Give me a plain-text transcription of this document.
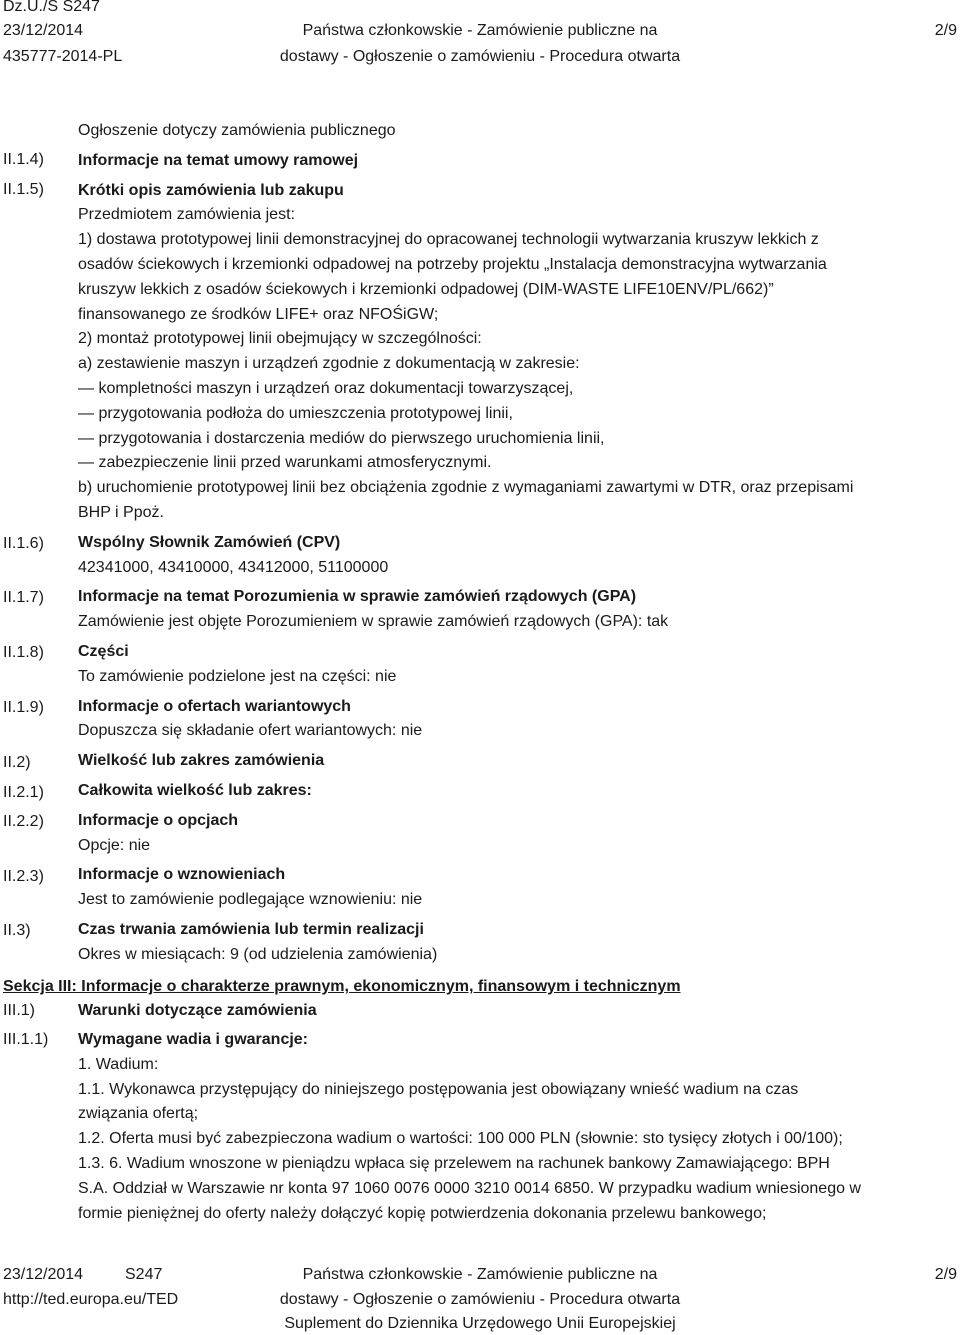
Dz.U./S S247
23/12/2014
435777-2014-PL
Państwa członkowskie - Zamówienie publiczne na
dostawy - Ogłoszenie o zamówieniu - Procedura otwarta
2/9
II.1.4)
II.1.5)
II.1.6)
II.1.7)
II.1.8)
II.1.9)
II.2)
II.2.1)
II.2.2)
II.2.3)
II.3)

Ogłoszenie dotyczy zamówienia publicznego

Informacje na temat umowy ramowej

Krótki opis zamówienia lub zakupu

Przedmiotem zamówienia jest:

1) dostawa prototypowej linii demonstracyjnej do opracowanej technologii wytwarzania kruszyw lekkich z

osadów ściekowych i krzemionki odpadowej na potrzeby projektu „Instalacja demonstracyjna wytwarzania

kruszyw lekkich z osadów ściekowych i krzemionki odpadowej (DIM-WASTE LIFE10ENV/PL/662)”

finansowanego ze środków LIFE+ oraz NFOŚiGW;

2) montaż prototypowej linii obejmujący w szczególności:

a) zestawienie maszyn i urządzeń zgodnie z dokumentacją w zakresie:

— kompletności maszyn i urządzeń oraz dokumentacji towarzyszącej,

— przygotowania podłoża do umieszczenia prototypowej linii,

— przygotowania i dostarczenia mediów do pierwszego uruchomienia linii,

— zabezpieczenie linii przed warunkami atmosferycznymi.

b) uruchomienie prototypowej linii bez obciążenia zgodnie z wymaganiami zawartymi w DTR, oraz przepisami

BHP i Ppoż.

Wspólny Słownik Zamówień (CPV)

42341000, 43410000, 43412000, 51100000

Informacje na temat Porozumienia w sprawie zamówień rządowych (GPA)

Zamówienie jest objęte Porozumieniem w sprawie zamówień rządowych (GPA): tak

Części

To zamówienie podzielone jest na części: nie

Informacje o ofertach wariantowych

Dopuszcza się składanie ofert wariantowych: nie

Wielkość lub zakres zamówienia

Całkowita wielkość lub zakres:

Informacje o opcjach

Opcje: nie

Informacje o wznowieniach

Jest to zamówienie podlegające wznowieniu: nie

Czas trwania zamówienia lub termin realizacji

Okres w miesiącach: 9 (od udzielenia zamówienia)

Sekcja III: Informacje o charakterze prawnym, ekonomicznym, finansowym i technicznym
III.1)	Warunki dotyczące zamówienia
III.1.1) Wymagane wadia i gwarancje:

1. Wadium:

1.1. Wykonawca przystępujący do niniejszego postępowania jest obowiązany wnieść wadium na czas

związania ofertą;

1.2. Oferta musi być zabezpieczona wadium o wartości: 100 000 PLN (słownie: sto tysięcy złotych i 00/100);

1.3. 6. Wadium wnoszone w pieniądzu wpłaca się przelewem na rachunek bankowy Zamawiającego: BPH

S.A. Oddział w Warszawie nr konta 97 1060 0076 0000 3210 0014 6850. W przypadku wadium wniesionego w

formie pieniężnej do oferty należy dołączyć kopię potwierdzenia dokonania przelewu bankowego;

23/12/2014	S247
http://ted.europa.eu/TED
Państwa członkowskie - Zamówienie publiczne na
dostawy - Ogłoszenie o zamówieniu - Procedura otwarta
Suplement do Dziennika Urzędowego Unii Europejskiej
2/9
